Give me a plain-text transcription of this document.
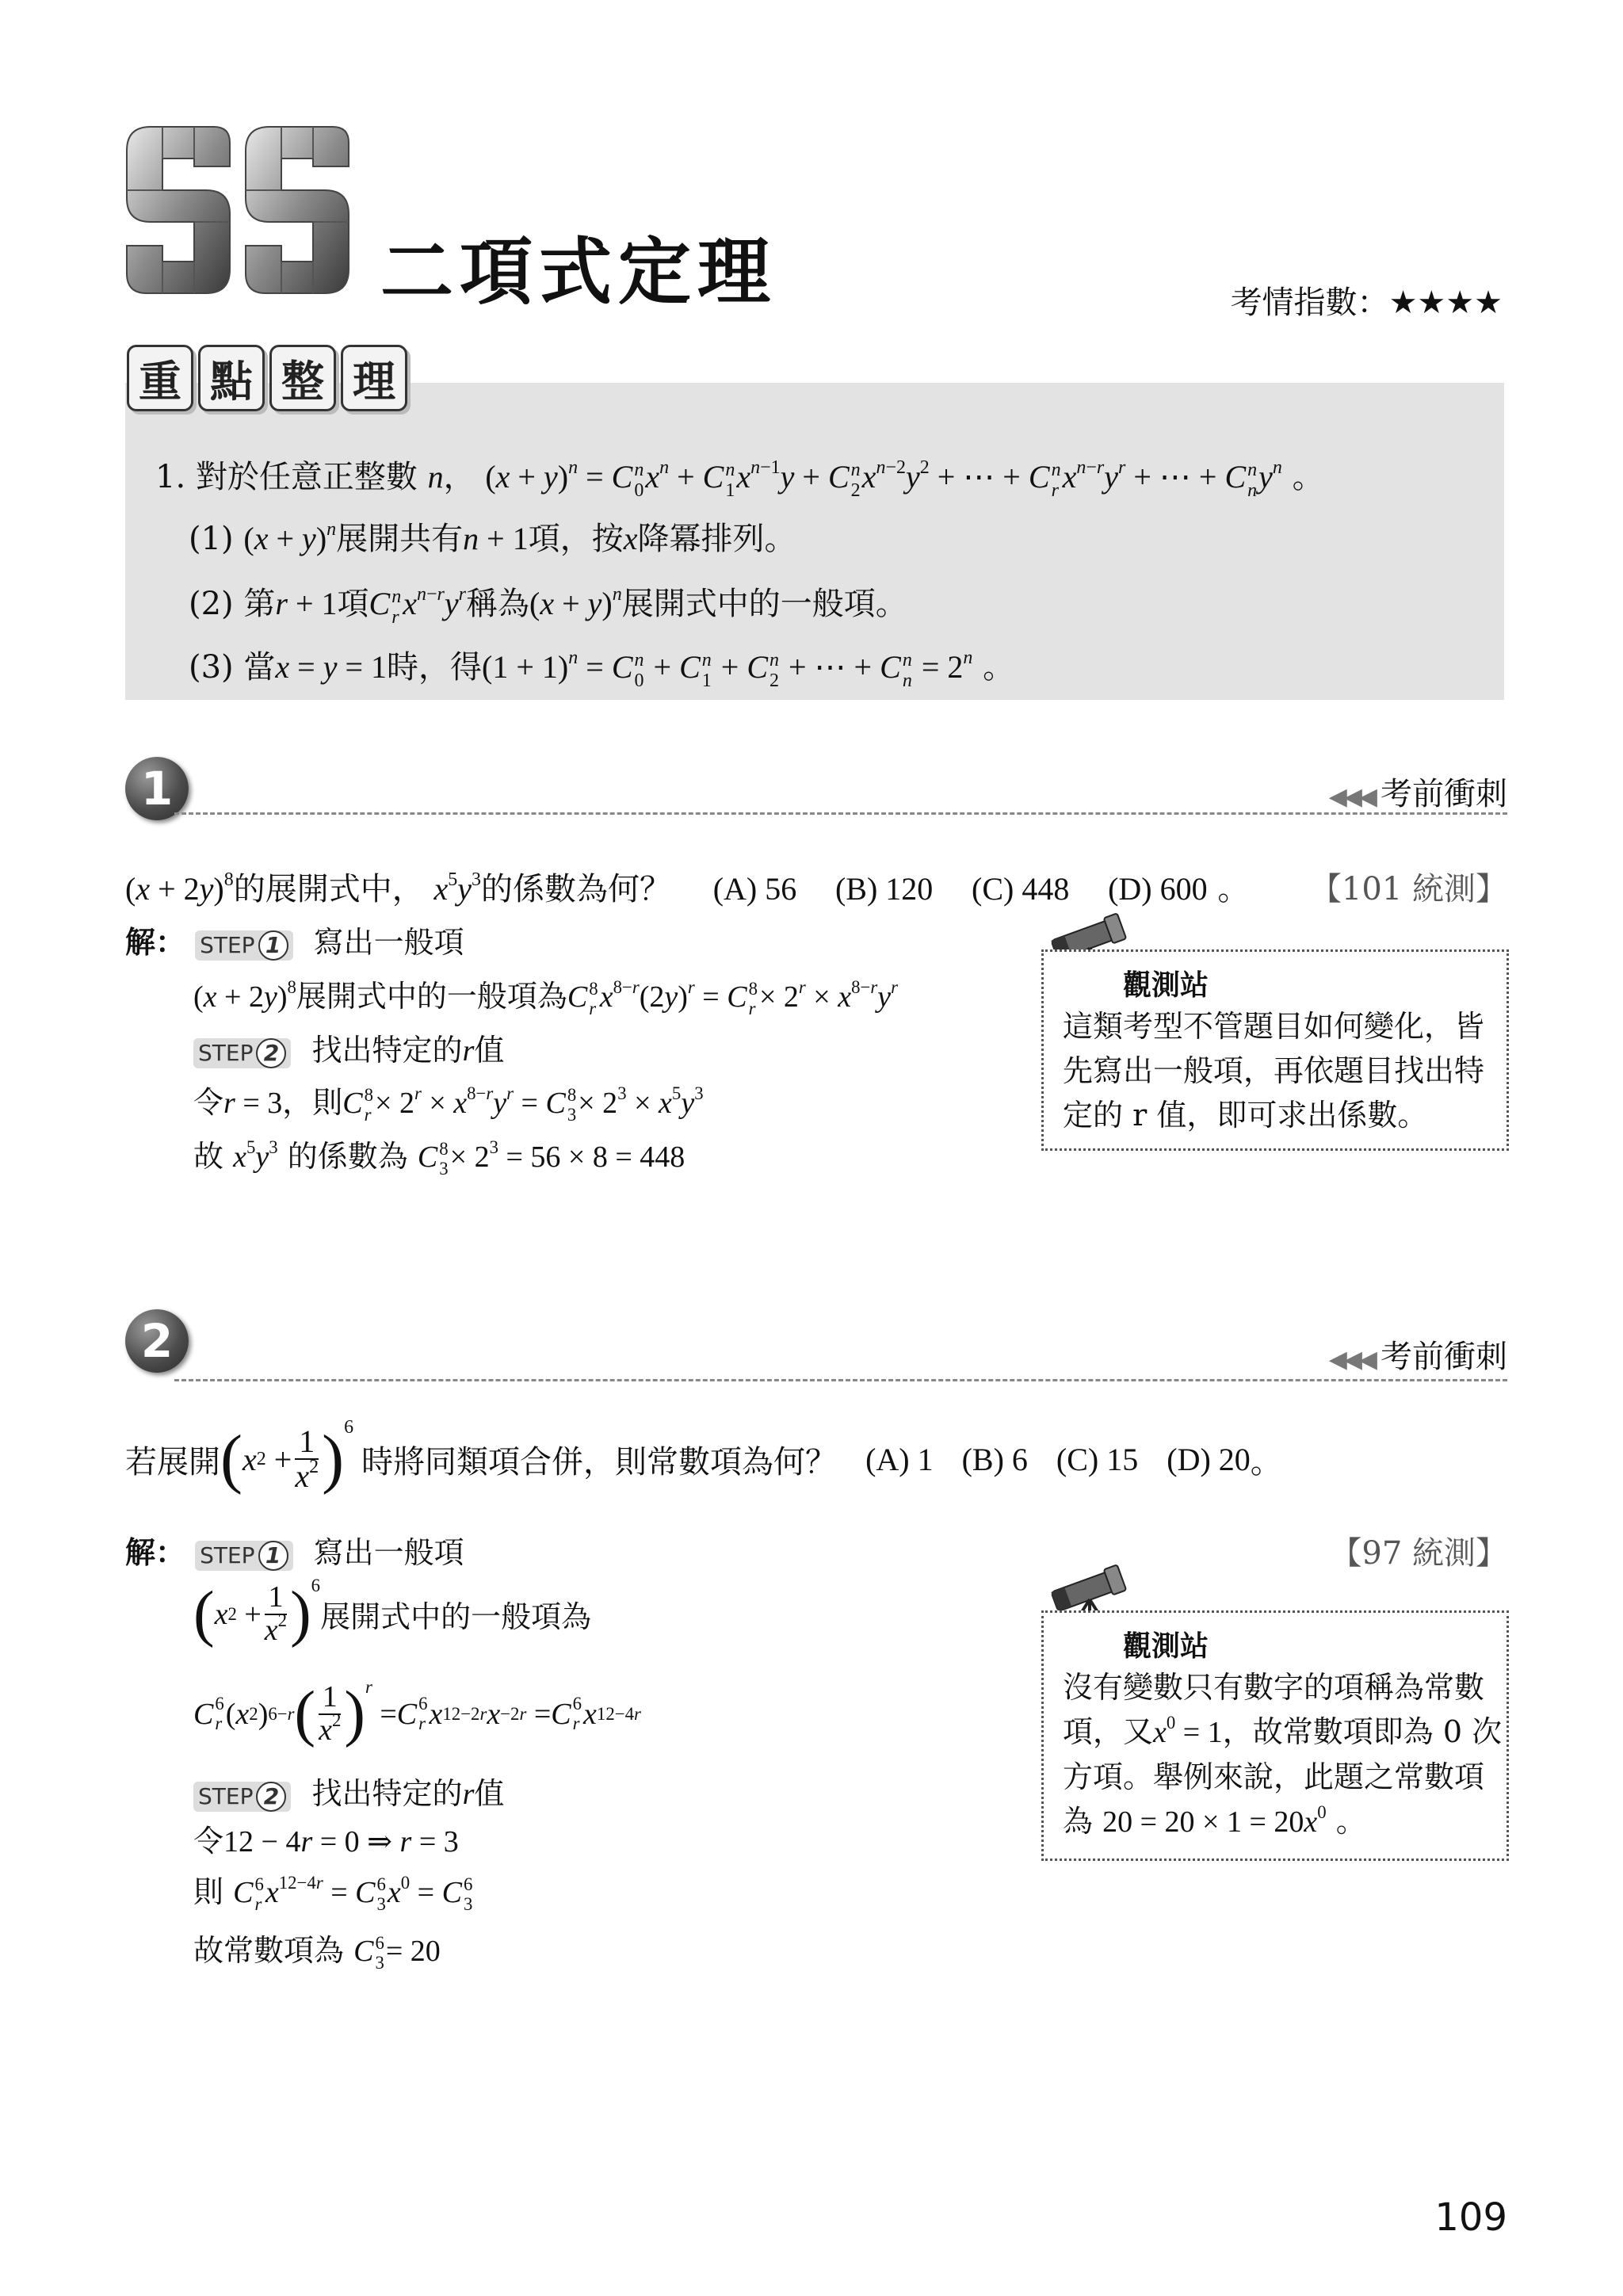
二項式定理	考情指數：★★★★
重 點 整 理
1. 對於任意正整數 n， $(x + y)^n = C$ n
0 $x^n + C$ n
1 $x^{n-1}y + C$ n
2 $x^{n-2}y^2$ + ⋯ + C n
r $x^{n-r}y^r$ + ⋯ + C n
n $y^n$ 。
(1) $(x + y)^n$展開共有n + 1項，按x降冪排列。
(2) 第r + 1項C n
r $x^{n-r}y^r$稱為$(x + y)^n$展開式中的一般項。
(3) 當x = y = 1時，得$(1 + 1)^n = C$ n
0 + C n
1 + C n
2 + ⋯ + C n
$n = 2^n$ 。
1	◀◀◀ 考前衝刺
$(x + 2y)^8$的展開式中， $x^5y^3$的係數為何？ (A) 56 (B) 120 (C) 448 (D) 600 。 【101 統測】
解： STEP 1 寫出一般項
$(x + 2y)^8$展開式中的一般項為C 8
r $x^{8-r}(2y)^r = C$ 8
$r \times 2^r \times x^{8-r}y^r$
STEP 2 找出特定的r值
令r = 3，則C 8
$r \times 2^r \times x^{8-r}y^r = C$ 8
$3 \times 2^3 \times x^5y^3$
故 $x^5y^3$ 的係數為 C 8
$3 \times 2^3 = 56 \times 8 = 448$
觀測站
這類考型不管題目如何變化，皆
先寫出一般項，再依題目找出特
定的 r 值，即可求出係數。
2	◀◀◀ 考前衝刺
若展開 ( x $2 + \frac{1}{x^2}$ ) 6
時將同類項合併，則常數項為何？ (A) 1 (B) 6 (C) 15 (D) 20 。
解： STEP 1 寫出一般項	【97 統測】
( x $2 + \frac{1}{x^2}$ ) 6
展開式中的一般項為
C 6
r ( x 2 ) 6−r ( $\frac{1}{x^2}$ ) r
= C 6
r x 12−2r x −2r = C 6
r x 12−4r
STEP 2 找出特定的r值
令12 − 4r = 0 ⇒ r = 3
則 C 6
r $x^{12-4r} = C$ 6
3 $x^0 = C$ 6
3
故常數項為 C 6
3 = 20
觀測站
沒有變數只有數字的項稱為常數
項，又$x^0 = 1$，故常數項即為 0 次
方項。舉例來說，此題之常數項
為 $20 = 20 \times 1 = 20x^0$ 。
109
